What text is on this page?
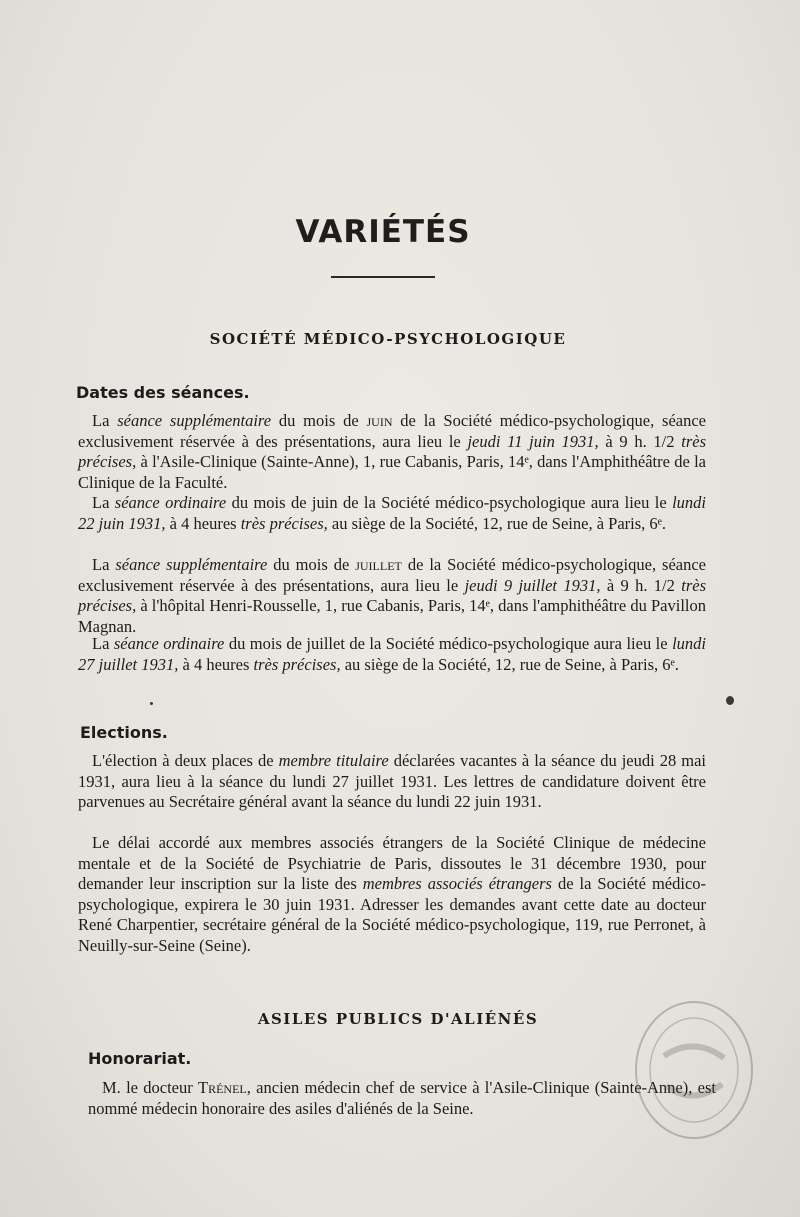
VARIÉTÉS
SOCIÉTÉ MÉDICO-PSYCHOLOGIQUE
Dates des séances.

La séance supplémentaire du mois de juin de la Société médico-psychologique, séance exclusivement réservée à des présentations, aura lieu le jeudi 11 juin 1931, à 9 h. 1/2 très précises, à l'Asile-Clinique (Sainte-Anne), 1, rue Cabanis, Paris, 14ᵉ, dans l'Amphithéâtre de la Clinique de la Faculté.

La séance ordinaire du mois de juin de la Société médico-psychologique aura lieu le lundi 22 juin 1931, à 4 heures très précises, au siège de la Société, 12, rue de Seine, à Paris, 6ᵉ.

La séance supplémentaire du mois de juillet de la Société médico-psychologique, séance exclusivement réservée à des présentations, aura lieu le jeudi 9 juillet 1931, à 9 h. 1/2 très précises, à l'hôpital Henri-Rousselle, 1, rue Cabanis, Paris, 14ᵉ, dans l'amphithéâtre du Pavillon Magnan.

La séance ordinaire du mois de juillet de la Société médico-psychologique aura lieu le lundi 27 juillet 1931, à 4 heures très précises, au siège de la Société, 12, rue de Seine, à Paris, 6ᵉ.

Elections.

L'élection à deux places de membre titulaire déclarées vacantes à la séance du jeudi 28 mai 1931, aura lieu à la séance du lundi 27 juillet 1931. Les lettres de candidature doivent être parvenues au Secrétaire général avant la séance du lundi 22 juin 1931.

Le délai accordé aux membres associés étrangers de la Société Clinique de médecine mentale et de la Société de Psychiatrie de Paris, dissoutes le 31 décembre 1930, pour demander leur inscription sur la liste des membres associés étrangers de la Société médico-psychologique, expirera le 30 juin 1931. Adresser les demandes avant cette date au docteur René Charpentier, secrétaire général de la Société médico-psychologique, 119, rue Perronet, à Neuilly-sur-Seine (Seine).

ASILES PUBLICS D'ALIÉNÉS
Honorariat.

M. le docteur Trénel, ancien médecin chef de service à l'Asile-Clinique (Sainte-Anne), est nommé médecin honoraire des asiles d'aliénés de la Seine.
